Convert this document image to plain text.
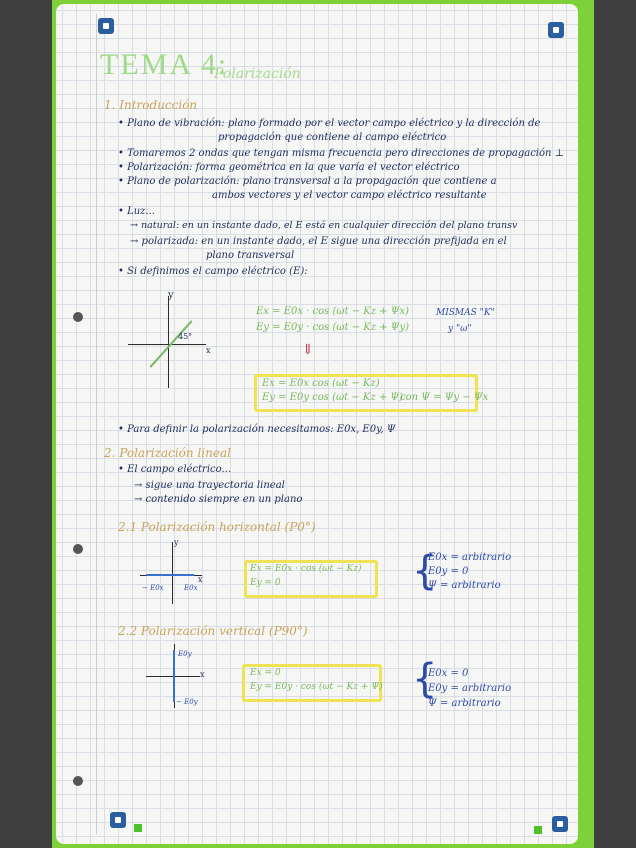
TEMA 4:
Polarización
1. Introducción
• Plano de vibración: plano formado por el vector campo eléctrico y la dirección de
propagación que contiene al campo eléctrico
• Tomaremos 2 ondas que tengan misma frecuencia pero direcciones de propagación ⊥
• Polarización: forma geométrica en la que varía el vector eléctrico
• Plano de polarización: plano transversal a la propagación que contiene a
ambos vectores y el vector campo eléctrico resultante
• Luz...
→ natural: en un instante dado, el E está en cualquier dirección del plano transv
→ polarizada: en un instante dado, el E sigue una dirección prefijada en el
plano transversal
• Si definimos el campo eléctrico (E):
y
x
45°
Ex = E0x · cos (ωt − Kz + Ψx)
Ey = E0y · cos (ωt − Kz + Ψy)
MISMAS "K"
y "ω"
⇓
Ex = E0x cos (ωt − Kz)
Ey = E0y cos (ωt − Kz + Ψ)
con Ψ = Ψy − Ψx
• Para definir la polarización necesitamos: E0x, E0y, Ψ
2. Polarización lineal
• El campo eléctrico...
→ sigue una trayectoria lineal
→ contenido siempre en un plano
2.1 Polarización horizontal (P0°)
y
x
− E0x	E0x
Ex = E0x · cos (ωt − Kz)
Ey = 0	{
E0x = arbitrario
E0y = 0
Ψ = arbitrario
2.2 Polarización vertical (P90°)
x
E0y
− E0y
Ex = 0
Ey = E0y · cos (ωt − Kz + Ψ) {
E0x = 0
E0y = arbitrario
Ψ = arbitrario
